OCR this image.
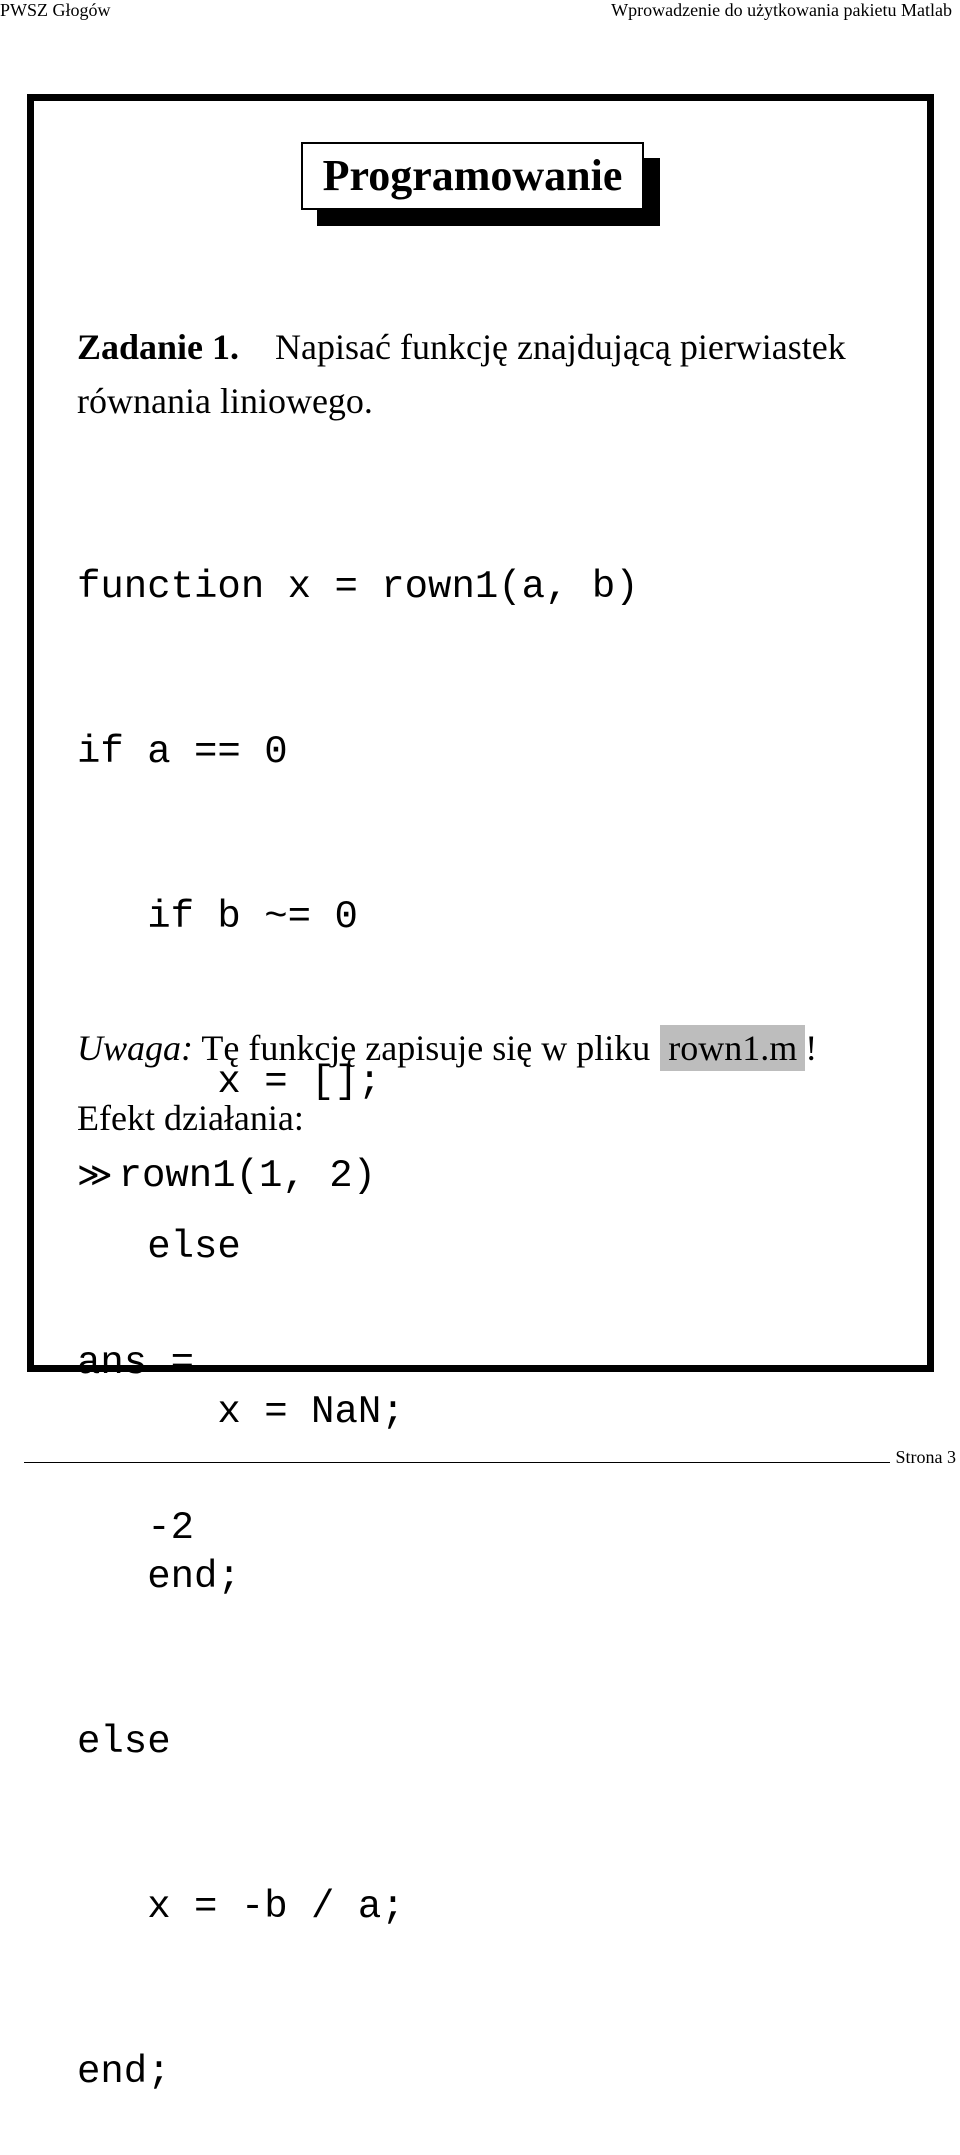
PWSZ Głogów	Wprowadzenie do użytkowania pakietu Matlab
Programowanie
Zadanie 1. Napisać funkcję znajdującą pierwiastek równania liniowego.

function x = rown1(a, b)

if a == 0

if b ~= 0

x = [];

else

x = NaN;

end;

else

x = -b / a;

end;

Uwaga: Tę funkcję zapisuje się w pliku rown1.m !
Efekt działania:
≫ rown1(1, 2)

ans =

-2

Strona 3
